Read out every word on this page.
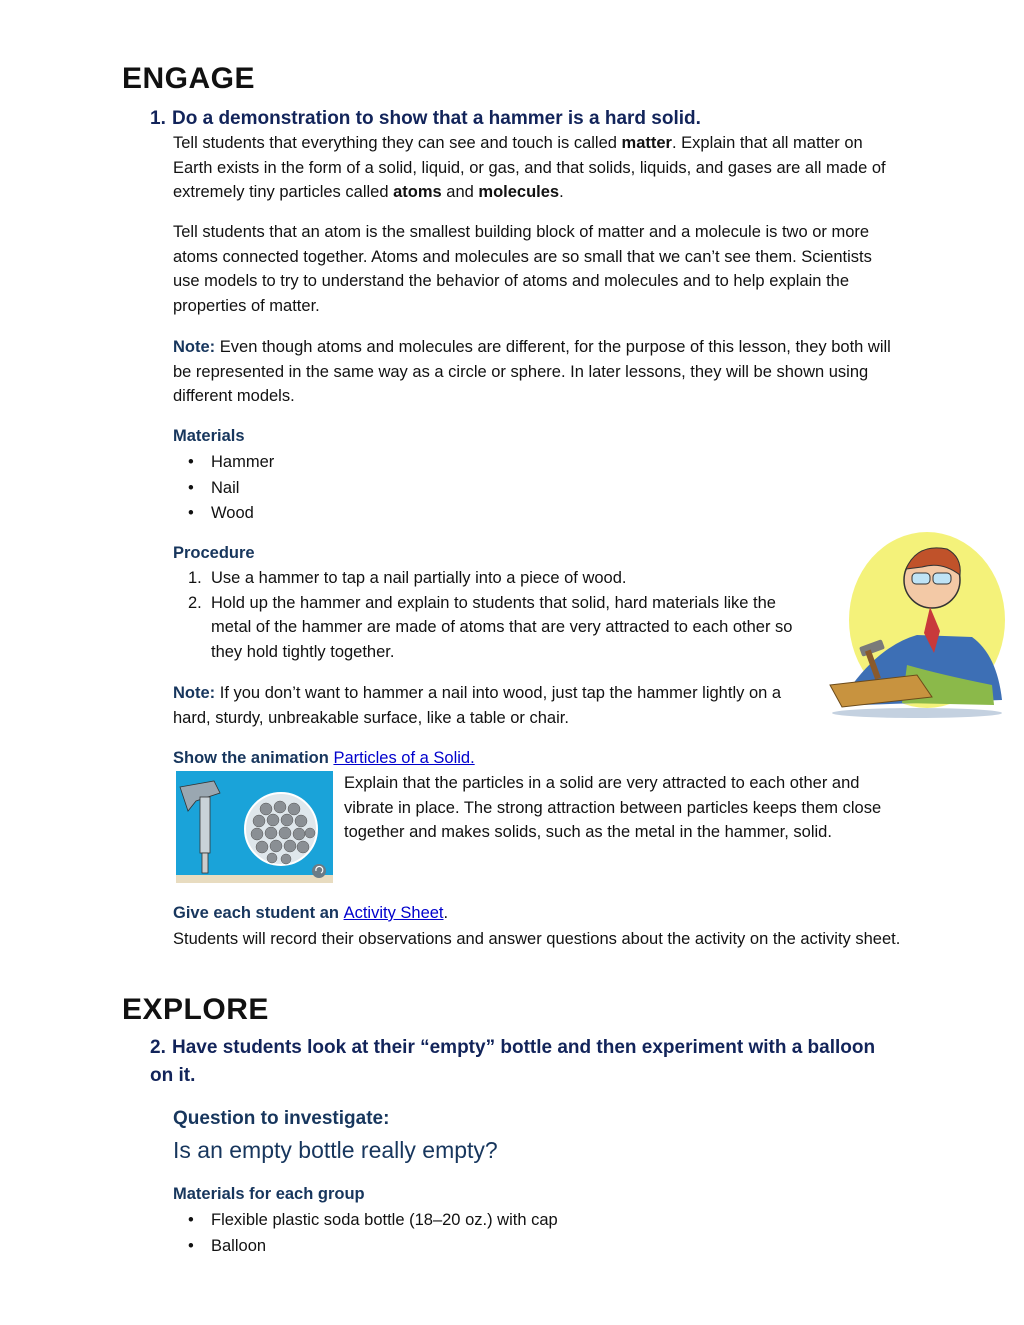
ENGAGE
1. Do a demonstration to show that a hammer is a hard solid.

Tell students that everything they can see and touch is called matter. Explain that all matter on Earth exists in the form of a solid, liquid, or gas, and that solids, liquids, and gases are all made of extremely tiny particles called atoms and molecules.

Tell students that an atom is the smallest building block of matter and a molecule is two or more atoms connected together. Atoms and molecules are so small that we can’t see them. Scientists use models to try to understand the behavior of atoms and molecules and to help explain the properties of matter.

Note: Even though atoms and molecules are different, for the purpose of this lesson, they both will be represented in the same way as a circle or sphere. In later lessons, they will be shown using different models.

Materials
• Hammer
• Nail
• Wood
Procedure
1. Use a hammer to tap a nail partially into a piece of wood.
2. Hold up the hammer and explain to students that solid, hard materials like the metal of the hammer are made of atoms that are very attracted to each other so they hold tightly together.

Note: If you don’t want to hammer a nail into wood, just tap the hammer lightly on a hard, sturdy, unbreakable surface, like a table or chair.

Show the animation Particles of a Solid.

Explain that the particles in a solid are very attracted to each other and vibrate in place. The strong attraction between particles keeps them close together and makes solids, such as the metal in the hammer, solid.

Give each student an Activity Sheet.

Students will record their observations and answer questions about the activity on the activity sheet.

EXPLORE
2. Have students look at their “empty” bottle and then experiment with a balloon on it.
Question to investigate:
Is an empty bottle really empty?
Materials for each group
• Flexible plastic soda bottle (18–20 oz.) with cap
• Balloon
